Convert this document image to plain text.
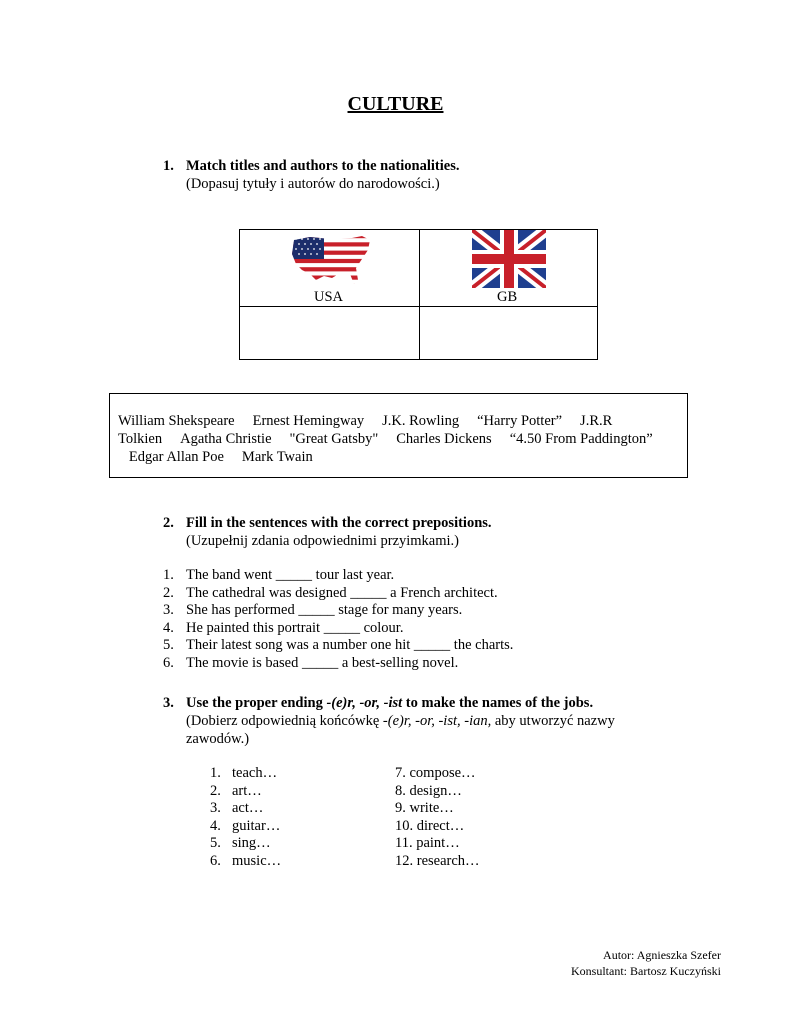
CULTURE
1. Match titles and authors to the nationalities.
(Dopasuj tytuły i autorów do narodowości.)
USA	GB
William Shekspeare Ernest Hemingway J.K. Rowling “Harry Potter” J.R.R Tolkien Agatha Christie "Great Gatsby" Charles Dickens “4.50 From Paddington”
Edgar Allan Poe Mark Twain
2. Fill in the sentences with the correct prepositions.
(Uzupełnij zdania odpowiednimi przyimkami.)
1. The band went _____ tour last year.
2. The cathedral was designed _____ a French architect.
3. She has performed _____ stage for many years.
4. He painted this portrait _____ colour.
5. Their latest song was a number one hit _____ the charts.
6. The movie is based _____ a best-selling novel.
3. Use the proper ending -(e)r, -or, -ist to make the names of the jobs.
(Dobierz odpowiednią końcówkę -(e)r, -or, -ist, -ian, aby utworzyć nazwy
zawodów.)
1. teach…
2. art…
3. act…
4. guitar…
5. sing…
6. music…
7. compose…
8. design…
9. write…
10. direct…
11. paint…
12. research…
Autor: Agnieszka Szefer
Konsultant: Bartosz Kuczyński
